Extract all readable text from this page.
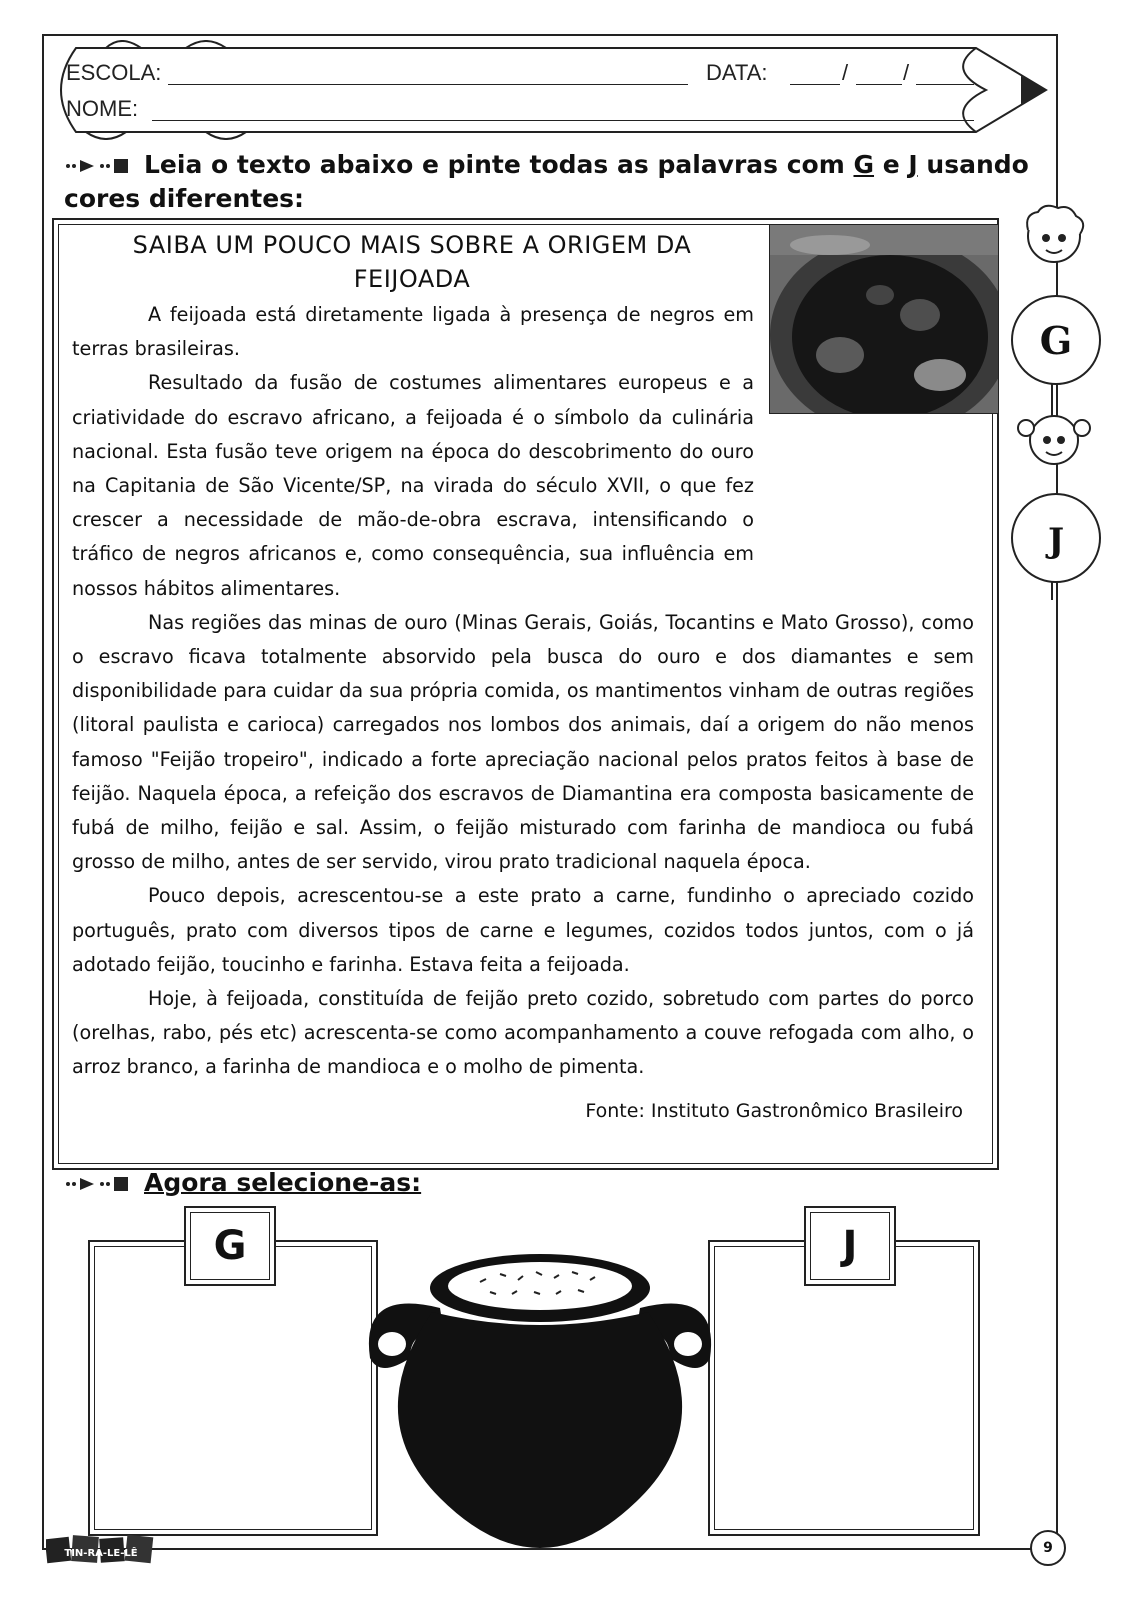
ESCOLA:	DATA:	/ /
NOME:
Leia o texto abaixo e pinte todas as palavras com G e J usando cores diferentes:
SAIBA UM POUCO MAIS SOBRE A ORIGEM DA
FEIJOADA

A feijoada está diretamente ligada à presença de negros em terras brasileiras.

Resultado da fusão de costumes alimentares europeus e a criatividade do escravo africano, a feijoada é o símbolo da culinária nacional. Esta fusão teve origem na época do descobrimento do ouro na Capitania de São Vicente/SP, na virada do século XVII, o que fez crescer a necessidade de mão-de-obra escrava, intensificando o tráfico de negros africanos e, como consequência, sua influência em nossos hábitos alimentares.

Nas regiões das minas de ouro (Minas Gerais, Goiás, Tocantins e Mato Grosso), como o escravo ficava totalmente absorvido pela busca do ouro e dos diamantes e sem disponibilidade para cuidar da sua própria comida, os mantimentos vinham de outras regiões (litoral paulista e carioca) carregados nos lombos dos animais, daí a origem do não menos famoso "Feijão tropeiro", indicado a forte apreciação nacional pelos pratos feitos à base de feijão. Naquela época, a refeição dos escravos de Diamantina era composta basicamente de fubá de milho, feijão e sal. Assim, o feijão misturado com farinha de mandioca ou fubá grosso de milho, antes de ser servido, virou prato tradicional naquela época.

Pouco depois, acrescentou-se a este prato a carne, fundinho o apreciado cozido português, prato com diversos tipos de carne e legumes, cozidos todos juntos, com o já adotado feijão, toucinho e farinha. Estava feita a feijoada.

Hoje, à feijoada, constituída de feijão preto cozido, sobretudo com partes do porco (orelhas, rabo, pés etc) acrescenta-se como acompanhamento a couve refogada com alho, o arroz branco, a farinha de mandioca e o molho de pimenta.

Fonte: Instituto Gastronômico Brasileiro
G
J
Agora selecione-as:
G	J
TIN-RA-LE-LÊ	9
